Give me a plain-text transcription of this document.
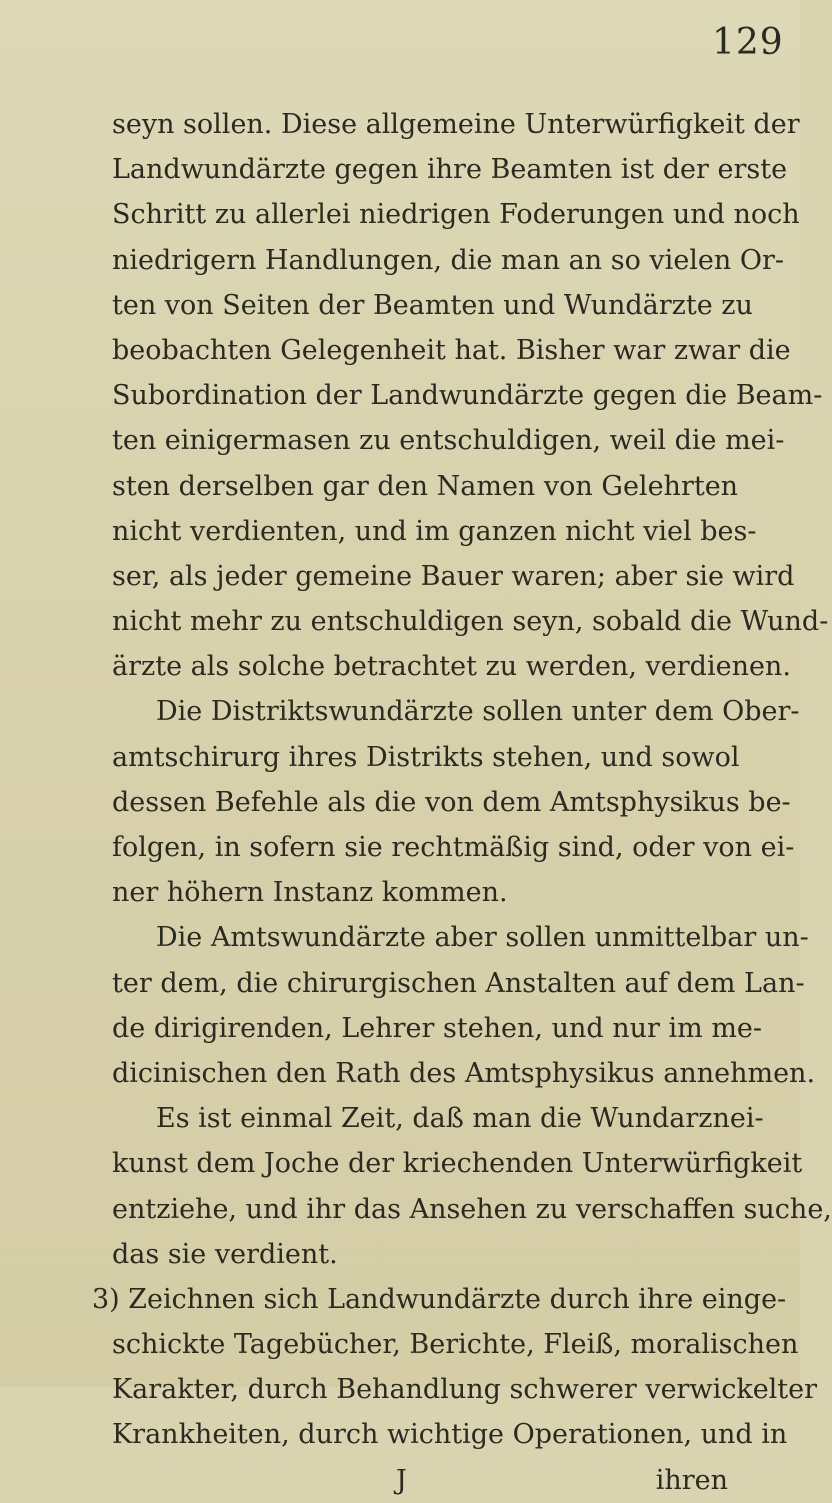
129
seyn sollen. Diese allgemeine Unterwürfigkeit der
Landwundärzte gegen ihre Beamten ist der erste
Schritt zu allerlei niedrigen Foderungen und noch
niedrigern Handlungen, die man an so vielen Or-
ten von Seiten der Beamten und Wundärzte zu
beobachten Gelegenheit hat. Bisher war zwar die
Subordination der Landwundärzte gegen die Beam-
ten einigermasen zu entschuldigen, weil die mei-
sten derselben gar den Namen von Gelehrten
nicht verdienten, und im ganzen nicht viel bes-
ser, als jeder gemeine Bauer waren; aber sie wird
nicht mehr zu entschuldigen seyn, sobald die Wund-
ärzte als solche betrachtet zu werden, verdienen.
Die Distriktswundärzte sollen unter dem Ober-
amtschirurg ihres Distrikts stehen, und sowol
dessen Befehle als die von dem Amtsphysikus be-
folgen, in sofern sie rechtmäßig sind, oder von ei-
ner höhern Instanz kommen.
Die Amtswundärzte aber sollen unmittelbar un-
ter dem, die chirurgischen Anstalten auf dem Lan-
de dirigirenden, Lehrer stehen, und nur im me-
dicinischen den Rath des Amtsphysikus annehmen.
Es ist einmal Zeit, daß man die Wundarznei-
kunst dem Joche der kriechenden Unterwürfigkeit
entziehe, und ihr das Ansehen zu verschaffen suche,
das sie verdient.
3) Zeichnen sich Landwundärzte durch ihre einge-
schickte Tagebücher, Berichte, Fleiß, moralischen
Karakter, durch Behandlung schwerer verwickelter
Krankheiten, durch wichtige Operationen, und in
J	ihren
